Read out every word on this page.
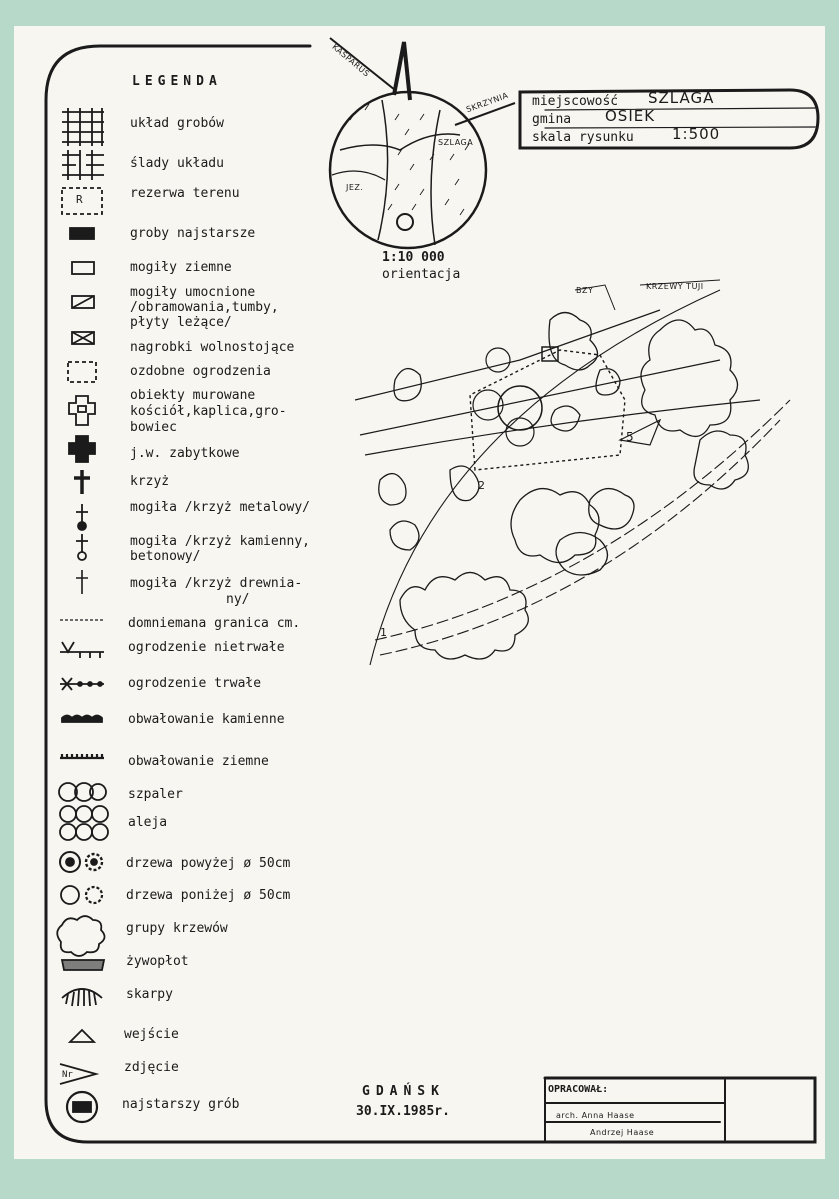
LEGENDA
układ grobów
ślady układu
rezerwa terenu
R
groby najstarsze
mogiły ziemne
mogiły umocnione
/obramowania,tumby,
płyty leżące/
nagrobki wolnostojące
ozdobne ogrodzenia
obiekty murowane
kościół,kaplica,gro-
bowiec
j.w. zabytkowe
krzyż
mogiła /krzyż metalowy/
mogiła /krzyż kamienny,
betonowy/
mogiła /krzyż drewnia-
ny/
domniemana granica cm.
ogrodzenie nietrwałe
ogrodzenie trwałe
obwałowanie kamienne
obwałowanie ziemne
szpaler
aleja
drzewa powyżej ø 50cm
drzewa poniżej ø 50cm
grupy krzewów
żywopłot
skarpy
wejście
zdjęcie
Nr
najstarszy grób
miejscowość SZLAGA
gmina OSIEK
skala rysunku	1:500
1:10 000
orientacja
KASPARUS
SKRZYNIA
SZLAGA
JEZ.
BZY	KRZEWY TUJI
1
2
5
GDAŃSK
30.IX.1985r.
OPRACOWAŁ:
arch. Anna Haase
Andrzej Haase
